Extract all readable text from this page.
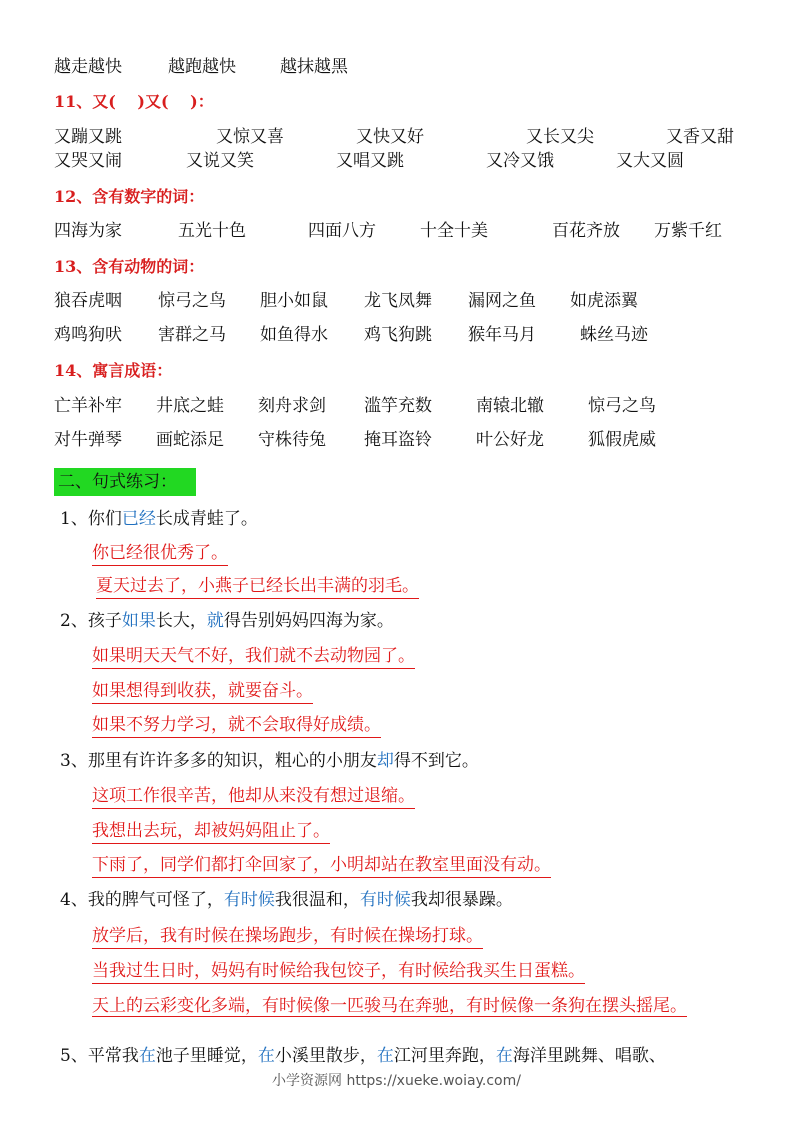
越走越快	越跑越快	越抹越黑
11、又(　 )又(　 )：
又蹦又跳	又惊又喜	又快又好	又长又尖	又香又甜
又哭又闹	又说又笑	又唱又跳	又冷又饿	又大又圆
12、含有数字的词：
四海为家	五光十色	四面八方	十全十美	百花齐放 万紫千红
13、含有动物的词：
狼吞虎咽 惊弓之鸟 胆小如鼠 龙飞凤舞 漏网之鱼 如虎添翼
鸡鸣狗吠 害群之马 如鱼得水 鸡飞狗跳 猴年马月	蛛丝马迹
14、寓言成语：
亡羊补牢 井底之蛙 刻舟求剑 滥竽充数	南辕北辙	惊弓之鸟
对牛弹琴 画蛇添足 守株待兔 掩耳盗铃	叶公好龙	狐假虎威
二、句式练习：
1、你们已经长成青蛙了。
你已经很优秀了。
夏天过去了，小燕子已经长出丰满的羽毛。
2、孩子如果长大，就得告别妈妈四海为家。
如果明天天气不好，我们就不去动物园了。
如果想得到收获，就要奋斗。
如果不努力学习，就不会取得好成绩。
3、那里有许许多多的知识，粗心的小朋友却得不到它。
这项工作很辛苦，他却从来没有想过退缩。
我想出去玩，却被妈妈阻止了。
下雨了，同学们都打伞回家了，小明却站在教室里面没有动。
4、我的脾气可怪了，有时候我很温和，有时候我却很暴躁。
放学后，我有时候在操场跑步，有时候在操场打球。
当我过生日时，妈妈有时候给我包饺子，有时候给我买生日蛋糕。
天上的云彩变化多端，有时候像一匹骏马在奔驰，有时候像一条狗在摆头摇尾。
5、平常我在池子里睡觉，在小溪里散步，在江河里奔跑，在海洋里跳舞、唱歌、
小学资源网 https://xueke.woiay.com/
